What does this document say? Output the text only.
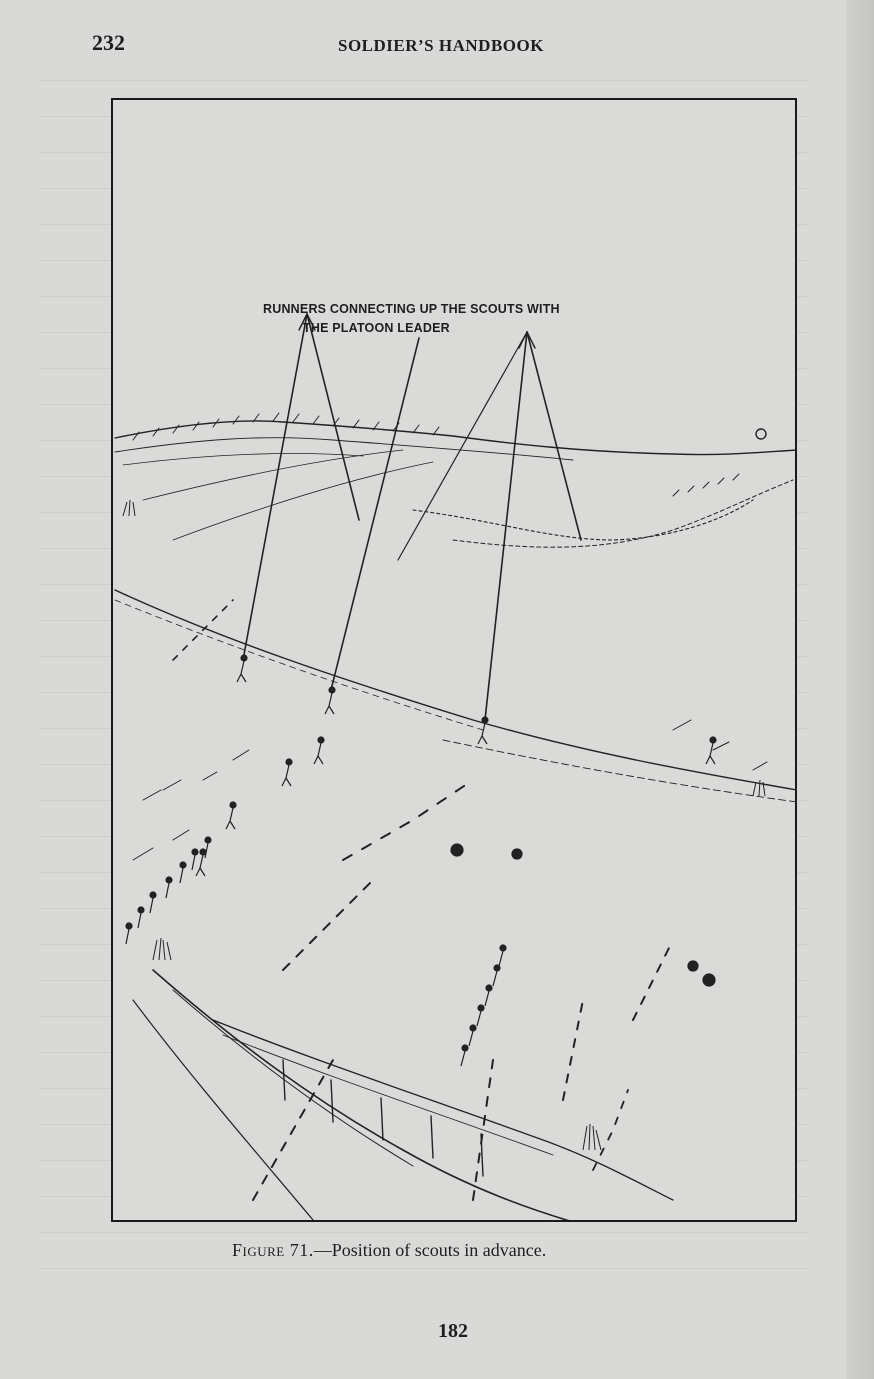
232	SOLDIER’S HANDBOOK
RUNNERS CONNECTING UP THE SCOUTS WITH
THE PLATOON LEADER
Figure 71.—Position of scouts in advance.
182
